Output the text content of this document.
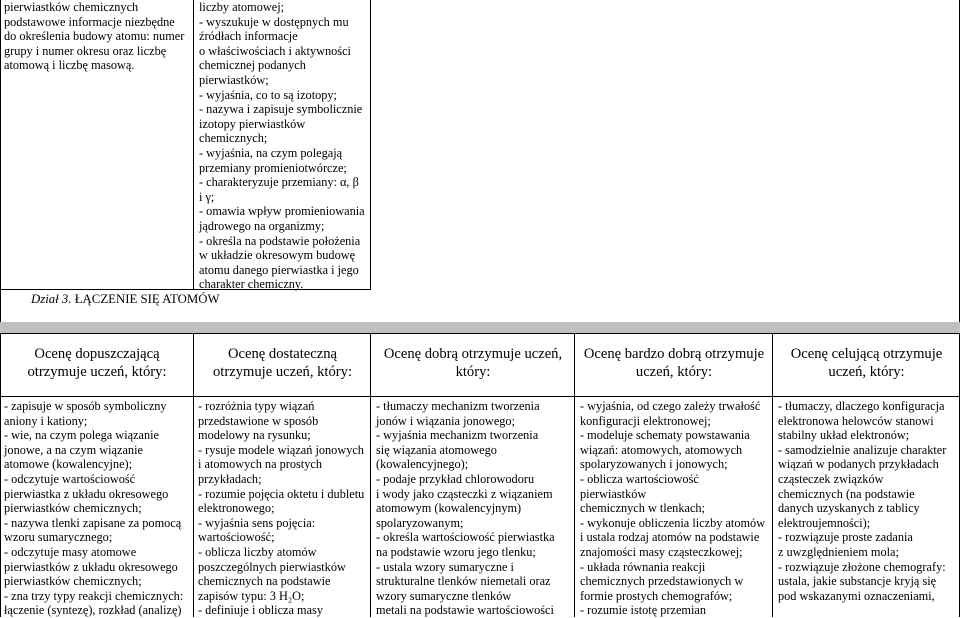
pierwiastków chemicznych
podstawowe informacje niezbędne
do określenia budowy atomu: numer
grupy i numer okresu oraz liczbę
atomową i liczbę masową.
liczby atomowej;
- wyszukuje w dostępnych mu
źródłach informacje
o właściwościach i aktywności
chemicznej podanych
pierwiastków;
- wyjaśnia, co to są izotopy;
- nazywa i zapisuje symbolicznie
izotopy pierwiastków
chemicznych;
- wyjaśnia, na czym polegają
przemiany promieniotwórcze;
- charakteryzuje przemiany: α, β
i γ;
- omawia wpływ promieniowania
jądrowego na organizmy;
- określa na podstawie położenia
w układzie okresowym budowę
atomu danego pierwiastka i jego
charakter chemiczny.
Dział 3. ŁĄCZENIE SIĘ ATOMÓW
Ocenę dopuszczającą
otrzymuje uczeń, który:
Ocenę dostateczną
otrzymuje uczeń, który:
Ocenę dobrą otrzymuje uczeń,
który:
Ocenę bardzo dobrą otrzymuje
uczeń, który:
Ocenę celującą otrzymuje
uczeń, który:
- zapisuje w sposób symboliczny
aniony i kationy;
- wie, na czym polega wiązanie
jonowe, a na czym wiązanie
atomowe (kowalencyjne);
- odczytuje wartościowość
pierwiastka z układu okresowego
pierwiastków chemicznych;
- nazywa tlenki zapisane za pomocą
wzoru sumarycznego;
- odczytuje masy atomowe
pierwiastków z układu okresowego
pierwiastków chemicznych;
- zna trzy typy reakcji chemicznych:
łączenie (syntezę), rozkład (analizę)
- rozróżnia typy wiązań
przedstawione w sposób
modelowy na rysunku;
- rysuje modele wiązań jonowych
i atomowych na prostych
przykładach;
- rozumie pojęcia oktetu i dubletu
elektronowego;
- wyjaśnia sens pojęcia:
wartościowość;
- oblicza liczby atomów
poszczególnych pierwiastków
chemicznych na podstawie
zapisów typu: 3 H₂O;
- definiuje i oblicza masy
- tłumaczy mechanizm tworzenia
jonów i wiązania jonowego;
- wyjaśnia mechanizm tworzenia
się wiązania atomowego
(kowalencyjnego);
- podaje przykład chlorowodoru
i wody jako cząsteczki z wiązaniem
atomowym (kowalencyjnym)
spolaryzowanym;
- określa wartościowość pierwiastka
na podstawie wzoru jego tlenku;
- ustala wzory sumaryczne i
strukturalne tlenków niemetali oraz
wzory sumaryczne tlenków
metali na podstawie wartościowości
- wyjaśnia, od czego zależy trwałość
konfiguracji elektronowej;
- modeluje schematy powstawania
wiązań: atomowych, atomowych
spolaryzowanych i jonowych;
- oblicza wartościowość
pierwiastków
chemicznych w tlenkach;
- wykonuje obliczenia liczby atomów
i ustala rodzaj atomów na podstawie
znajomości masy cząsteczkowej;
- układa równania reakcji
chemicznych przedstawionych w
formie prostych chemografów;
- rozumie istotę przemian
- tłumaczy, dlaczego konfiguracja
elektronowa helowców stanowi
stabilny układ elektronów;
- samodzielnie analizuje charakter
wiązań w podanych przykładach
cząsteczek związków
chemicznych (na podstawie
danych uzyskanych z tablicy
elektroujemności);
- rozwiązuje proste zadania
z uwzględnieniem mola;
- rozwiązuje złożone chemografy:
ustala, jakie substancje kryją się
pod wskazanymi oznaczeniami,
